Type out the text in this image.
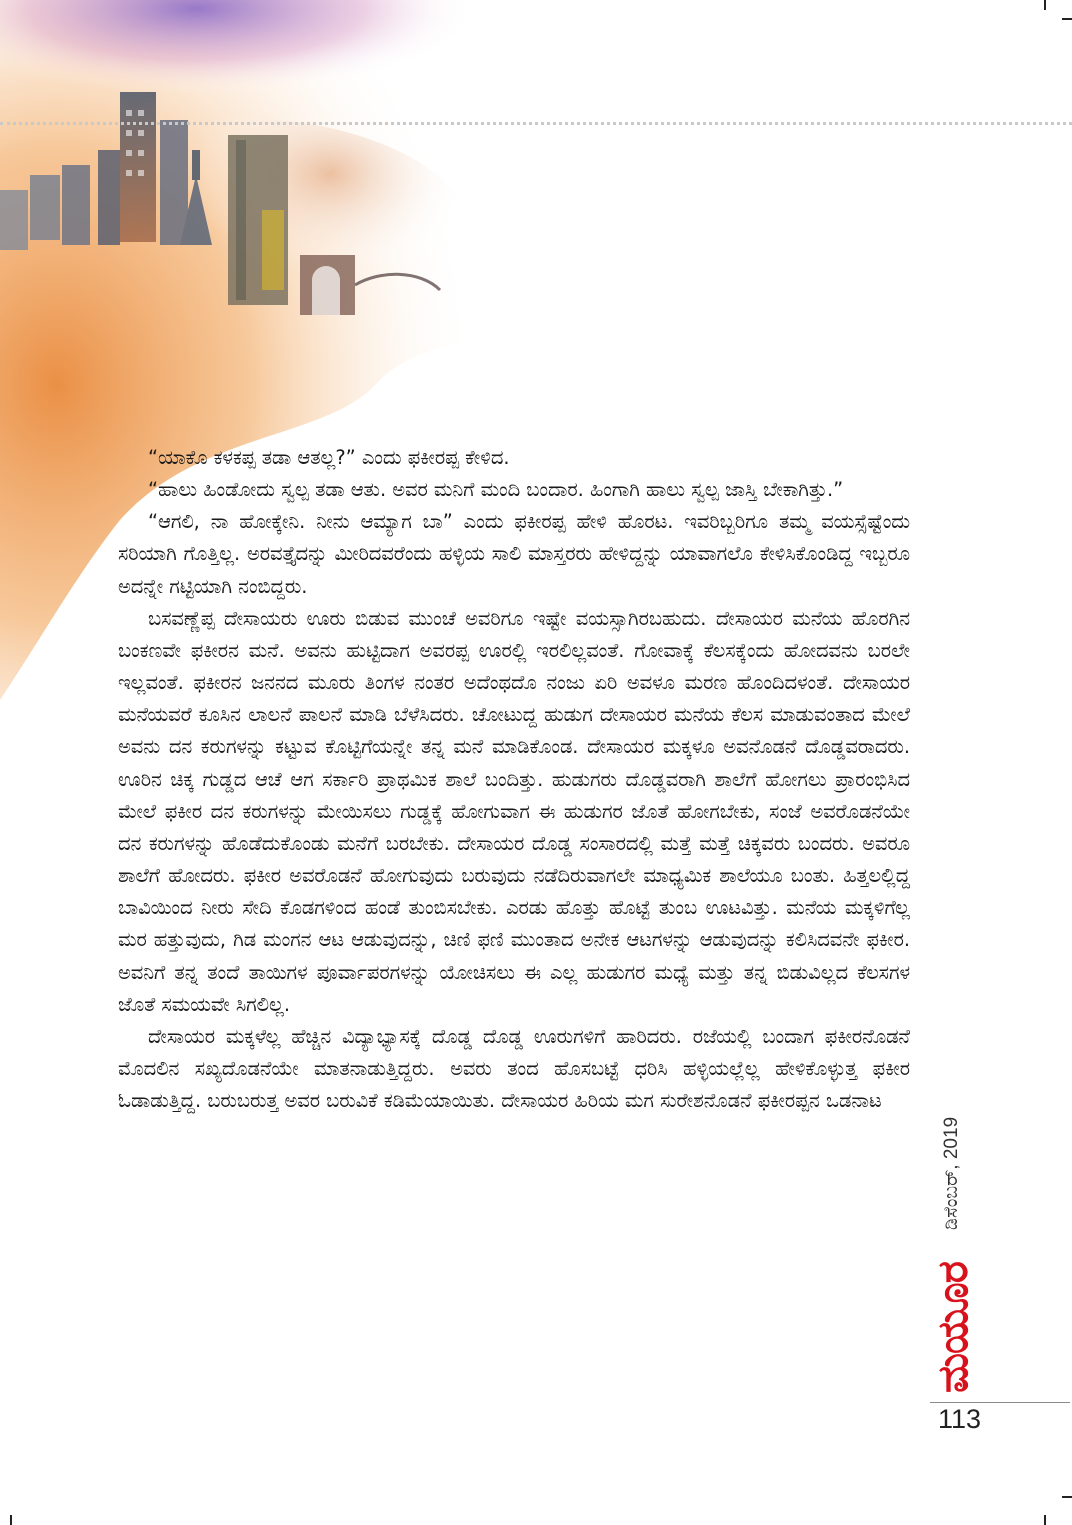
“ಯಾಕೊ ಕಳಕಪ್ಪ ತಡಾ ಆತಲ್ಲ?” ಎಂದು ಫಕೀರಪ್ಪ ಕೇಳಿದ.

“ಹಾಲು ಹಿಂಡೋದು ಸ್ವಲ್ಪ ತಡಾ ಆತು. ಅವರ ಮನಿಗೆ ಮಂದಿ ಬಂದಾರ. ಹಿಂಗಾಗಿ ಹಾಲು ಸ್ವಲ್ಪ ಜಾಸ್ತಿ ಬೇಕಾಗಿತ್ತು.”

“ಆಗಲಿ, ನಾ ಹೋಕ್ಕೇನಿ. ನೀನು ಆಮ್ಯಾಗ ಬಾ” ಎಂದು ಫಕೀರಪ್ಪ ಹೇಳಿ ಹೊರಟ. ಇವರಿಬ್ಬರಿಗೂ ತಮ್ಮ ವಯಸ್ಸೆಷ್ಟೆಂದು ಸರಿಯಾಗಿ ಗೊತ್ತಿಲ್ಲ. ಅರವತ್ತೈದನ್ನು ಮೀರಿದವರೆಂದು ಹಳ್ಳಿಯ ಸಾಲಿ ಮಾಸ್ತರರು ಹೇಳಿದ್ದನ್ನು ಯಾವಾಗಲೊ ಕೇಳಿಸಿಕೊಂಡಿದ್ದ ಇಬ್ಬರೂ ಅದನ್ನೇ ಗಟ್ಟಿಯಾಗಿ ನಂಬಿದ್ದರು.

ಬಸವಣ್ಣೆಪ್ಪ ದೇಸಾಯರು ಊರು ಬಿಡುವ ಮುಂಚೆ ಅವರಿಗೂ ಇಷ್ಟೇ ವಯಸ್ಸಾಗಿರಬಹುದು. ದೇಸಾಯರ ಮನೆಯ ಹೊರಗಿನ ಬಂಕಣವೇ ಫಕೀರನ ಮನೆ. ಅವನು ಹುಟ್ಟಿದಾಗ ಅವರಪ್ಪ ಊರಲ್ಲಿ ಇರಲಿಲ್ಲವಂತೆ. ಗೋವಾಕ್ಕೆ ಕೆಲಸಕ್ಕೆಂದು ಹೋದವನು ಬರಲೇ ಇಲ್ಲವಂತೆ. ಫಕೀರನ ಜನನದ ಮೂರು ತಿಂಗಳ ನಂತರ ಅದೆಂಥದೊ ನಂಜು ಏರಿ ಅವಳೂ ಮರಣ ಹೊಂದಿದಳಂತೆ. ದೇಸಾಯರ ಮನೆಯವರೆ ಕೂಸಿನ ಲಾಲನೆ ಪಾಲನೆ ಮಾಡಿ ಬೆಳೆಸಿದರು. ಚೋಟುದ್ದ ಹುಡುಗ ದೇಸಾಯರ ಮನೆಯ ಕೆಲಸ ಮಾಡುವಂತಾದ ಮೇಲೆ ಅವನು ದನ ಕರುಗಳನ್ನು ಕಟ್ಟುವ ಕೊಟ್ಟಿಗೆಯನ್ನೇ ತನ್ನ ಮನೆ ಮಾಡಿಕೊಂಡ. ದೇಸಾಯರ ಮಕ್ಕಳೂ ಅವನೊಡನೆ ದೊಡ್ಡವರಾದರು. ಊರಿನ ಚಿಕ್ಕ ಗುಡ್ಡದ ಆಚೆ ಆಗ ಸರ್ಕಾರಿ ಪ್ರಾಥಮಿಕ ಶಾಲೆ ಬಂದಿತ್ತು. ಹುಡುಗರು ದೊಡ್ಡವರಾಗಿ ಶಾಲೆಗೆ ಹೋಗಲು ಪ್ರಾರಂಭಿಸಿದ ಮೇಲೆ ಫಕೀರ ದನ ಕರುಗಳನ್ನು ಮೇಯಿಸಲು ಗುಡ್ಡಕ್ಕೆ ಹೋಗುವಾಗ ಈ ಹುಡುಗರ ಜೊತೆ ಹೋಗಬೇಕು, ಸಂಜೆ ಅವರೊಡನೆಯೇ ದನ ಕರುಗಳನ್ನು ಹೊಡೆದುಕೊಂಡು ಮನೆಗೆ ಬರಬೇಕು. ದೇಸಾಯರ ದೊಡ್ಡ ಸಂಸಾರದಲ್ಲಿ ಮತ್ತೆ ಮತ್ತೆ ಚಿಕ್ಕವರು ಬಂದರು. ಅವರೂ ಶಾಲೆಗೆ ಹೋದರು. ಫಕೀರ ಅವರೊಡನೆ ಹೋಗುವುದು ಬರುವುದು ನಡೆದಿರುವಾಗಲೇ ಮಾಧ್ಯಮಿಕ ಶಾಲೆಯೂ ಬಂತು. ಹಿತ್ತಲಲ್ಲಿದ್ದ ಬಾವಿಯಿಂದ ನೀರು ಸೇದಿ ಕೊಡಗಳಿಂದ ಹಂಡೆ ತುಂಬಿಸಬೇಕು. ಎರಡು ಹೊತ್ತು ಹೊಟ್ಟೆ ತುಂಬ ಊಟವಿತ್ತು. ಮನೆಯ ಮಕ್ಕಳಿಗೆಲ್ಲ ಮರ ಹತ್ತುವುದು, ಗಿಡ ಮಂಗನ ಆಟ ಆಡುವುದನ್ನು, ಚಿಣಿ ಫಣಿ ಮುಂತಾದ ಅನೇಕ ಆಟಗಳನ್ನು ಆಡುವುದನ್ನು ಕಲಿಸಿದವನೇ ಫಕೀರ. ಅವನಿಗೆ ತನ್ನ ತಂದೆ ತಾಯಿಗಳ ಪೂರ್ವಾಪರಗಳನ್ನು ಯೋಚಿಸಲು ಈ ಎಲ್ಲ ಹುಡುಗರ ಮಧ್ಯೆ ಮತ್ತು ತನ್ನ ಬಿಡುವಿಲ್ಲದ ಕೆಲಸಗಳ ಜೊತೆ ಸಮಯವೇ ಸಿಗಲಿಲ್ಲ.

ದೇಸಾಯರ ಮಕ್ಕಳೆಲ್ಲ ಹೆಚ್ಚಿನ ವಿದ್ಯಾಭ್ಯಾಸಕ್ಕೆ ದೊಡ್ಡ ದೊಡ್ಡ ಊರುಗಳಿಗೆ ಹಾರಿದರು. ರಜೆಯಲ್ಲಿ ಬಂದಾಗ ಫಕೀರನೊಡನೆ ಮೊದಲಿನ ಸಖ್ಯದೊಡನೆಯೇ ಮಾತನಾಡುತ್ತಿದ್ದರು. ಅವರು ತಂದ ಹೊಸಬಟ್ಟೆ ಧರಿಸಿ ಹಳ್ಳಿಯಲ್ಲೆಲ್ಲ ಹೇಳಿಕೊಳ್ಳುತ್ತ ಫಕೀರ ಓಡಾಡುತ್ತಿದ್ದ. ಬರುಬರುತ್ತ ಅವರ ಬರುವಿಕೆ ಕಡಿಮೆಯಾಯಿತು. ದೇಸಾಯರ ಹಿರಿಯ ಮಗ ಸುರೇಶನೊಡನೆ ಫಕೀರಪ್ಪನ ಒಡನಾಟ

ಡಿಸೆಂಬರ್, 2019
ಮಯೂರ
113
